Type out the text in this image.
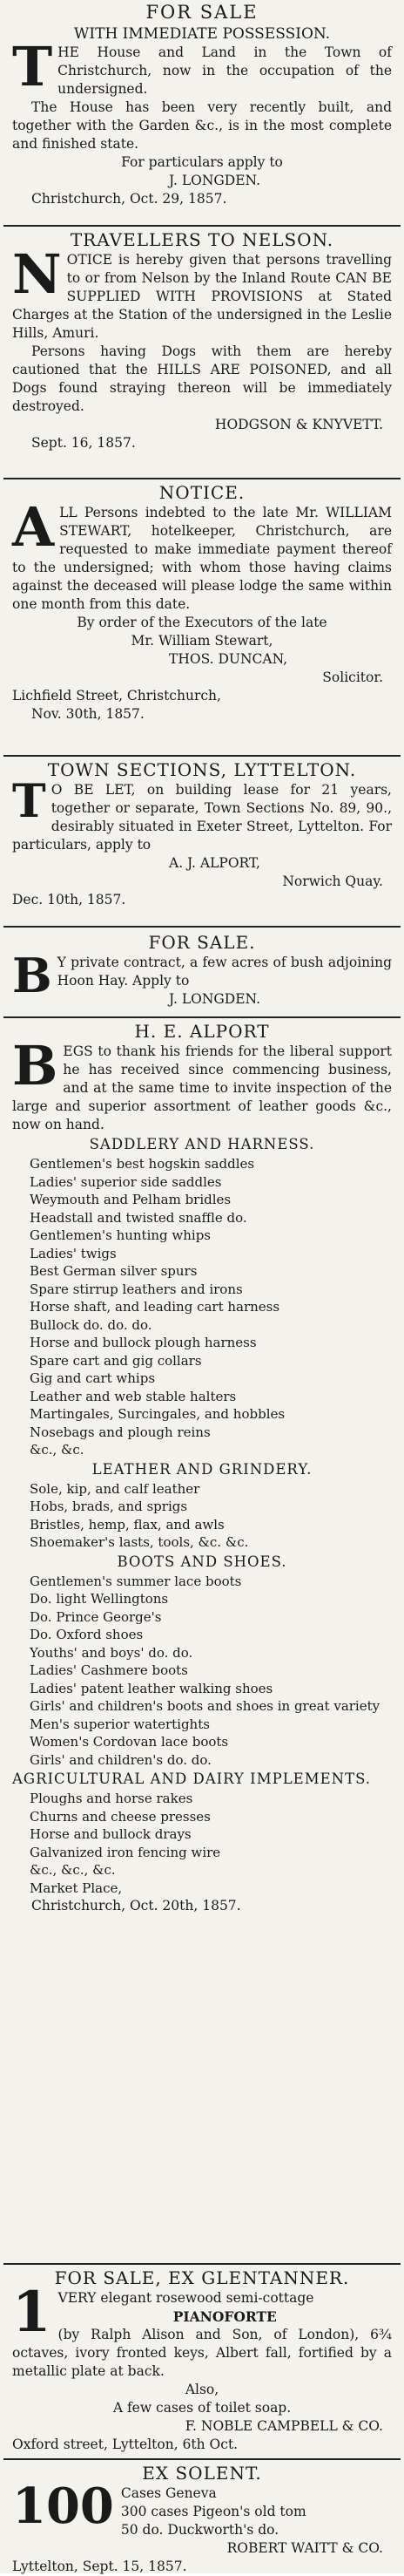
FOR SALE
WITH IMMEDIATE POSSESSION.
T HE House and Land in the Town of Christchurch, now in the occupation of the undersigned.

The House has been very recently built, and together with the Garden &c., is in the most complete and finished state.

For particulars apply to

J. LONGDEN.

Christchurch, Oct. 29, 1857.

TRAVELLERS TO NELSON.
N OTICE is hereby given that persons travelling to or from Nelson by the Inland Route CAN BE SUPPLIED WITH PROVISIONS at Stated Charges at the Station of the undersigned in the Leslie Hills, Amuri.

Persons having Dogs with them are hereby cautioned that the HILLS ARE POISONED, and all Dogs found straying thereon will be immediately destroyed.

HODGSON & KNYVETT.

Sept. 16, 1857.

NOTICE.
A LL Persons indebted to the late Mr. WILLIAM STEWART, hotelkeeper, Christchurch, are requested to make immediate payment thereof to the undersigned; with whom those having claims against the deceased will please lodge the same within one month from this date.

By order of the Executors of the late

Mr. William Stewart,

THOS. DUNCAN,

Solicitor.

Lichfield Street, Christchurch,

Nov. 30th, 1857.

TOWN SECTIONS, LYTTELTON.
T O BE LET, on building lease for 21 years, together or separate, Town Sections No. 89, 90., desirably situated in Exeter Street, Lyttelton. For particulars, apply to

A. J. ALPORT,

Norwich Quay.

Dec. 10th, 1857.

FOR SALE.
B Y private contract, a few acres of bush adjoining Hoon Hay. Apply to

J. LONGDEN.

H. E. ALPORT
B EGS to thank his friends for the liberal support he has received since commencing business, and at the same time to invite inspection of the large and superior assortment of leather goods &c., now on hand.

SADDLERY AND HARNESS.
Gentlemen's best hogskin saddles
Ladies' superior side saddles
Weymouth and Pelham bridles
Headstall and twisted snaffle do.
Gentlemen's hunting whips
Ladies' twigs
Best German silver spurs
Spare stirrup leathers and irons
Horse shaft, and leading cart harness
Bullock do. do. do.
Horse and bullock plough harness
Spare cart and gig collars
Gig and cart whips
Leather and web stable halters
Martingales, Surcingales, and hobbles
Nosebags and plough reins
&c., &c.
LEATHER AND GRINDERY.
Sole, kip, and calf leather
Hobs, brads, and sprigs
Bristles, hemp, flax, and awls
Shoemaker's lasts, tools, &c. &c.
BOOTS AND SHOES.
Gentlemen's summer lace boots
Do. light Wellingtons
Do. Prince George's
Do. Oxford shoes
Youths' and boys' do. do.
Ladies' Cashmere boots
Ladies' patent leather walking shoes
Girls' and children's boots and shoes in great variety
Men's superior watertights
Women's Cordovan lace boots
Girls' and children's do. do.
AGRICULTURAL AND DAIRY IMPLEMENTS.
Ploughs and horse rakes
Churns and cheese presses
Horse and bullock drays
Galvanized iron fencing wire
&c., &c., &c.

Market Place,

Christchurch, Oct. 20th, 1857.

FOR SALE, EX GLENTANNER.
1 VERY elegant rosewood semi-cottage

PIANOFORTE

(by Ralph Alison and Son, of London), 6¾ octaves, ivory fronted keys, Albert fall, fortified by a metallic plate at back.

Also,

A few cases of toilet soap.

F. NOBLE CAMPBELL & CO.

Oxford street, Lyttelton, 6th Oct.

EX SOLENT.
100 Cases Geneva

300 cases Pigeon's old tom

50 do. Duckworth's do.

ROBERT WAITT & CO.

Lyttelton, Sept. 15, 1857.
